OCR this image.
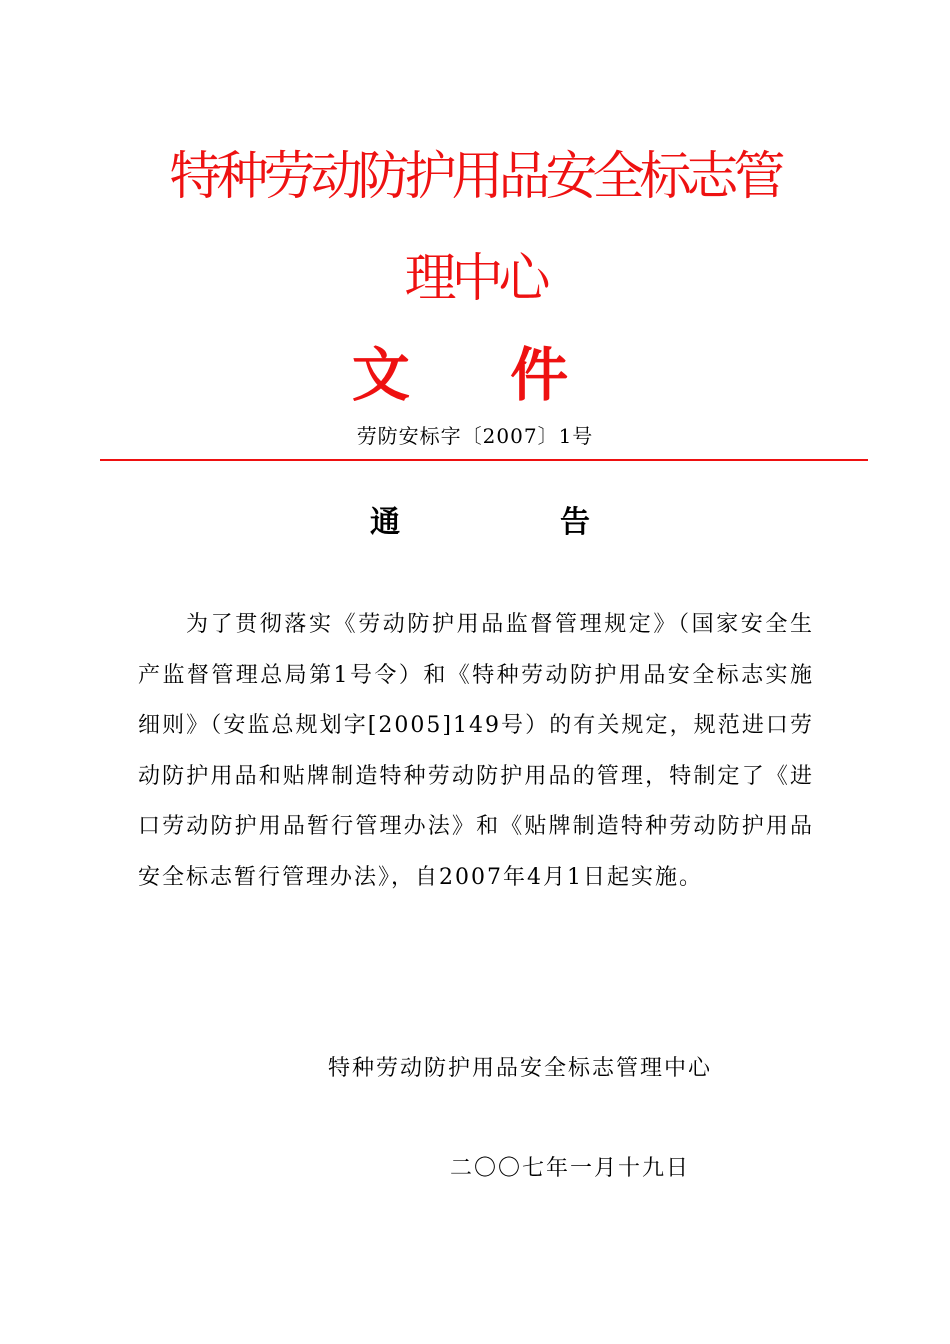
特种劳动防护用品安全标志管
理中心
文 件
劳防安标字〔2007〕1号
通	告

为了贯彻落实《劳动防护用品监督管理规定》（国家安全生产监督管理总局第1号令）和《特种劳动防护用品安全标志实施细则》（安监总规划字[2005]149号）的有关规定，规范进口劳动防护用品和贴牌制造特种劳动防护用品的管理，特制定了《进口劳动防护用品暂行管理办法》和《贴牌制造特种劳动防护用品安全标志暂行管理办法》，自2007年4月1日起实施。

特种劳动防护用品安全标志管理中心
二〇〇七年一月十九日
